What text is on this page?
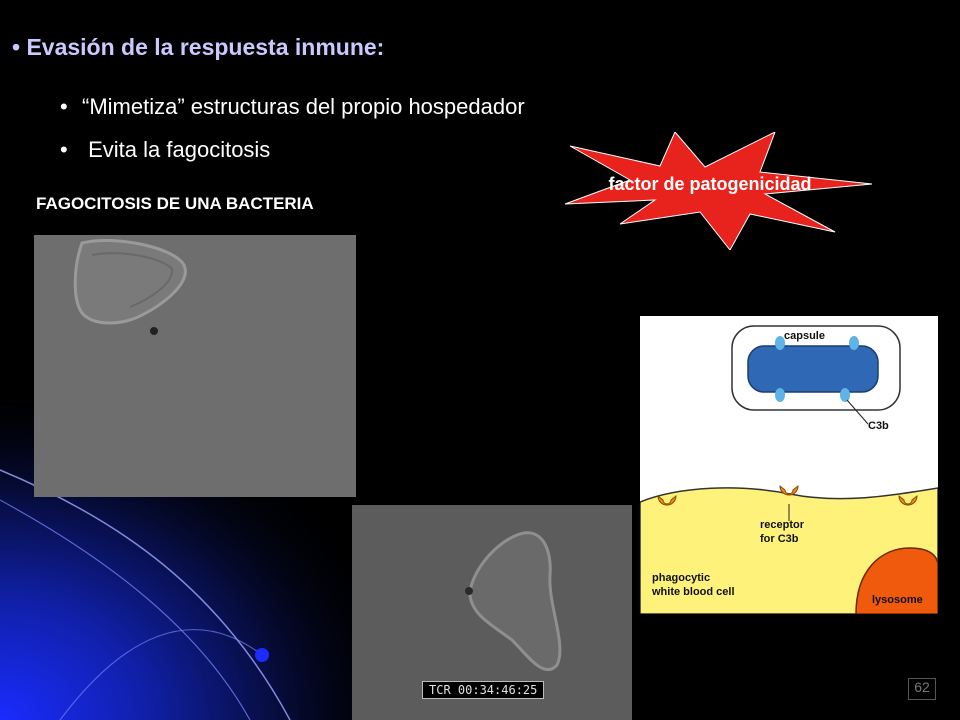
• Evasión de la respuesta inmune:
• “Mimetiza” estructuras del propio hospedador
• Evita la fagocitosis
FAGOCITOSIS DE UNA BACTERIA
factor de patogenicidad
TCR 00:34:46:25
capsule
C3b
receptor
for C3b
phagocytic
white blood cell
lysosome
62
